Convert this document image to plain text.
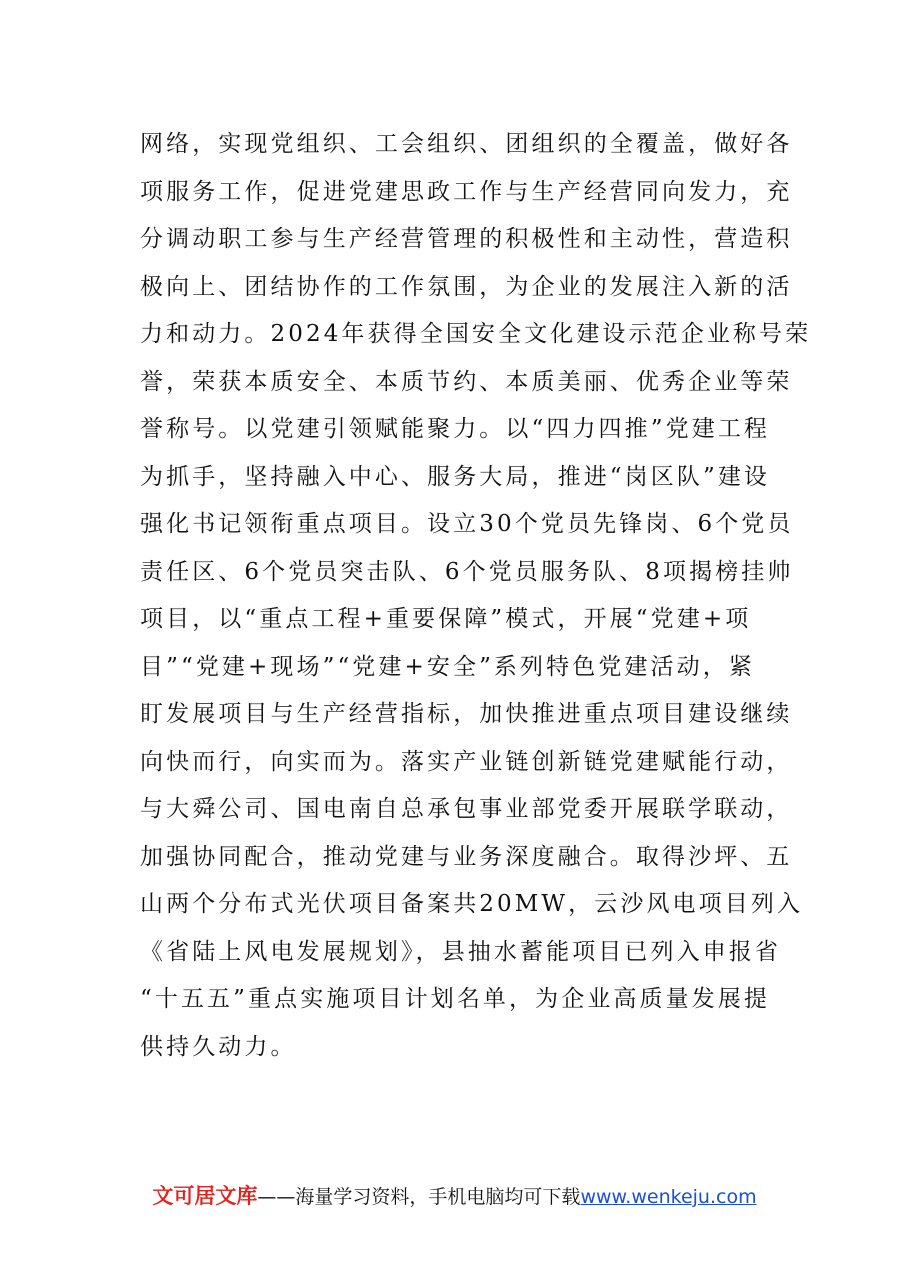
网络，实现党组织、工会组织、团组织的全覆盖，做好各
项服务工作，促进党建思政工作与生产经营同向发力，充
分调动职工参与生产经营管理的积极性和主动性，营造积
极向上、团结协作的工作氛围，为企业的发展注入新的活
力和动力。2024年获得全国安全文化建设示范企业称号荣
誉，荣获本质安全、本质节约、本质美丽、优秀企业等荣
誉称号。以党建引领赋能聚力。以“四力四推”党建工程
为抓手，坚持融入中心、服务大局，推进“岗区队”建设
强化书记领衔重点项目。设立30个党员先锋岗、6个党员
责任区、6个党员突击队、6个党员服务队、8项揭榜挂帅
项目，以“重点工程+重要保障”模式，开展“党建+项
目”“党建+现场”“党建+安全”系列特色党建活动，紧
盯发展项目与生产经营指标，加快推进重点项目建设继续
向快而行，向实而为。落实产业链创新链党建赋能行动，
与大舜公司、国电南自总承包事业部党委开展联学联动，
加强协同配合，推动党建与业务深度融合。取得沙坪、五
山两个分布式光伏项目备案共20MW，云沙风电项目列入
《省陆上风电发展规划》，县抽水蓄能项目已列入申报省
“十五五”重点实施项目计划名单，为企业高质量发展提
供持久动力。
文可居文库——海量学习资料，手机电脑均可下载www.wenkeju.com
